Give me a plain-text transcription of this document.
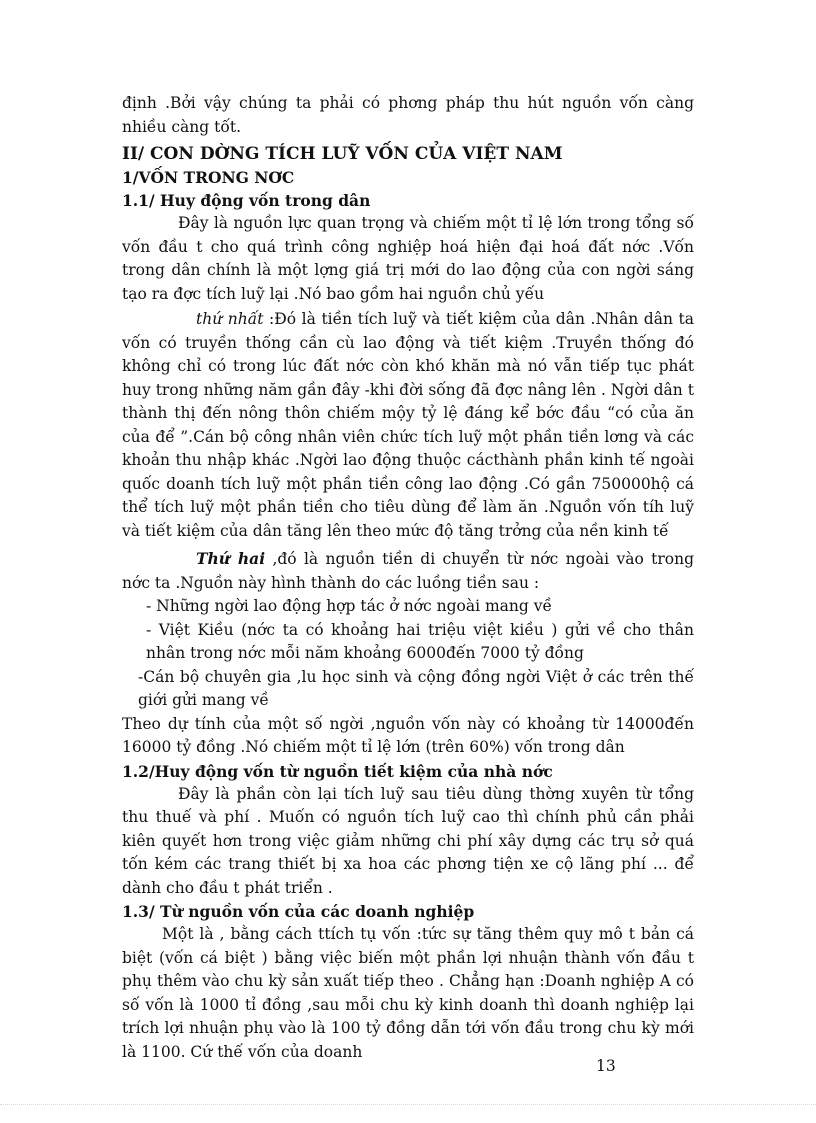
định .Bởi vậy chúng ta phải có phơng pháp thu hút nguồn vốn càng nhiều càng tốt.

II/ CON DỜNG TÍCH LUỸ VỐN CỦA VIỆT NAM

1/VỐN TRONG NƠC

1.1/ Huy động vốn trong dân

Đây là nguồn lực quan trọng và chiếm một tỉ lệ lớn trong tổng số vốn đầu t cho quá trình công nghiệp hoá hiện đại hoá đất nớc .Vốn trong dân chính là một lợng giá trị mới do lao động của con ngời sáng tạo ra đợc tích luỹ lại .Nó bao gồm hai nguồn chủ yếu

thứ nhất :Đó là tiền tích luỹ và tiết kiệm của dân .Nhân dân ta vốn có truyền thống cần cù lao động và tiết kiệm .Truyền thống đó không chỉ có trong lúc đất nớc còn khó khăn mà nó vẫn tiếp tục phát huy trong những năm gần đây -khi đời sống đã đợc nâng lên . Ngời dân t thành thị đến nông thôn chiếm mộy tỷ lệ đáng kể bớc đầu “có của ăn của để ”.Cán bộ công nhân viên chức tích luỹ một phần tiền lơng và các khoản thu nhập khác .Ngời lao động thuộc cácthành phần kinh tế ngoài quốc doanh tích luỹ một phần tiền công lao động .Có gần 750000hộ cá thể tích luỹ một phần tiền cho tiêu dùng để làm ăn .Nguồn vốn tíh luỹ và tiết kiệm của dân tăng lên theo mức độ tăng trởng của nền kinh tế

Thứ hai ,đó là nguồn tiền di chuyển từ nớc ngoài vào trong nớc ta .Nguồn này hình thành do các luồng tiền sau :

- Những ngời lao động hợp tác ở nớc ngoài mang về

- Việt Kiều (nớc ta có khoảng hai triệu việt kiều ) gửi về cho thân nhân trong nớc mỗi năm khoảng 6000đến 7000 tỷ đồng

-Cán bộ chuyên gia ,lu học sinh và cộng đồng ngời Việt ở các trên thế giới gửi mang về

Theo dự tính của một số ngời ,nguồn vốn này có khoảng từ 14000đến 16000 tỷ đồng .Nó chiếm một tỉ lệ lớn (trên 60%) vốn trong dân

1.2/Huy động vốn từ nguồn tiết kiệm của nhà nớc

Đây là phần còn lại tích luỹ sau tiêu dùng thờng xuyên từ tổng thu thuế và phí . Muốn có nguồn tích luỹ cao thì chính phủ cần phải kiên quyết hơn trong việc giảm những chi phí xây dựng các trụ sở quá tốn kém các trang thiết bị xa hoa các phơng tiện xe cộ lãng phí ... để dành cho đầu t phát triển .

1.3/ Từ nguồn vốn của các doanh nghiệp

Một là , bằng cách ttích tụ vốn :tức sự tăng thêm quy mô t bản cá biệt (vốn cá biệt ) bằng việc biến một phần lợi nhuận thành vốn đầu t phụ thêm vào chu kỳ sản xuất tiếp theo . Chẳng hạn :Doanh nghiệp A có số vốn là 1000 tỉ đồng ,sau mỗi chu kỳ kinh doanh thì doanh nghiệp lại trích lợi nhuận phụ vào là 100 tỷ đồng dẫn tới vốn đầu trong chu kỳ mới là 1100. Cứ thế vốn của doanh

13
